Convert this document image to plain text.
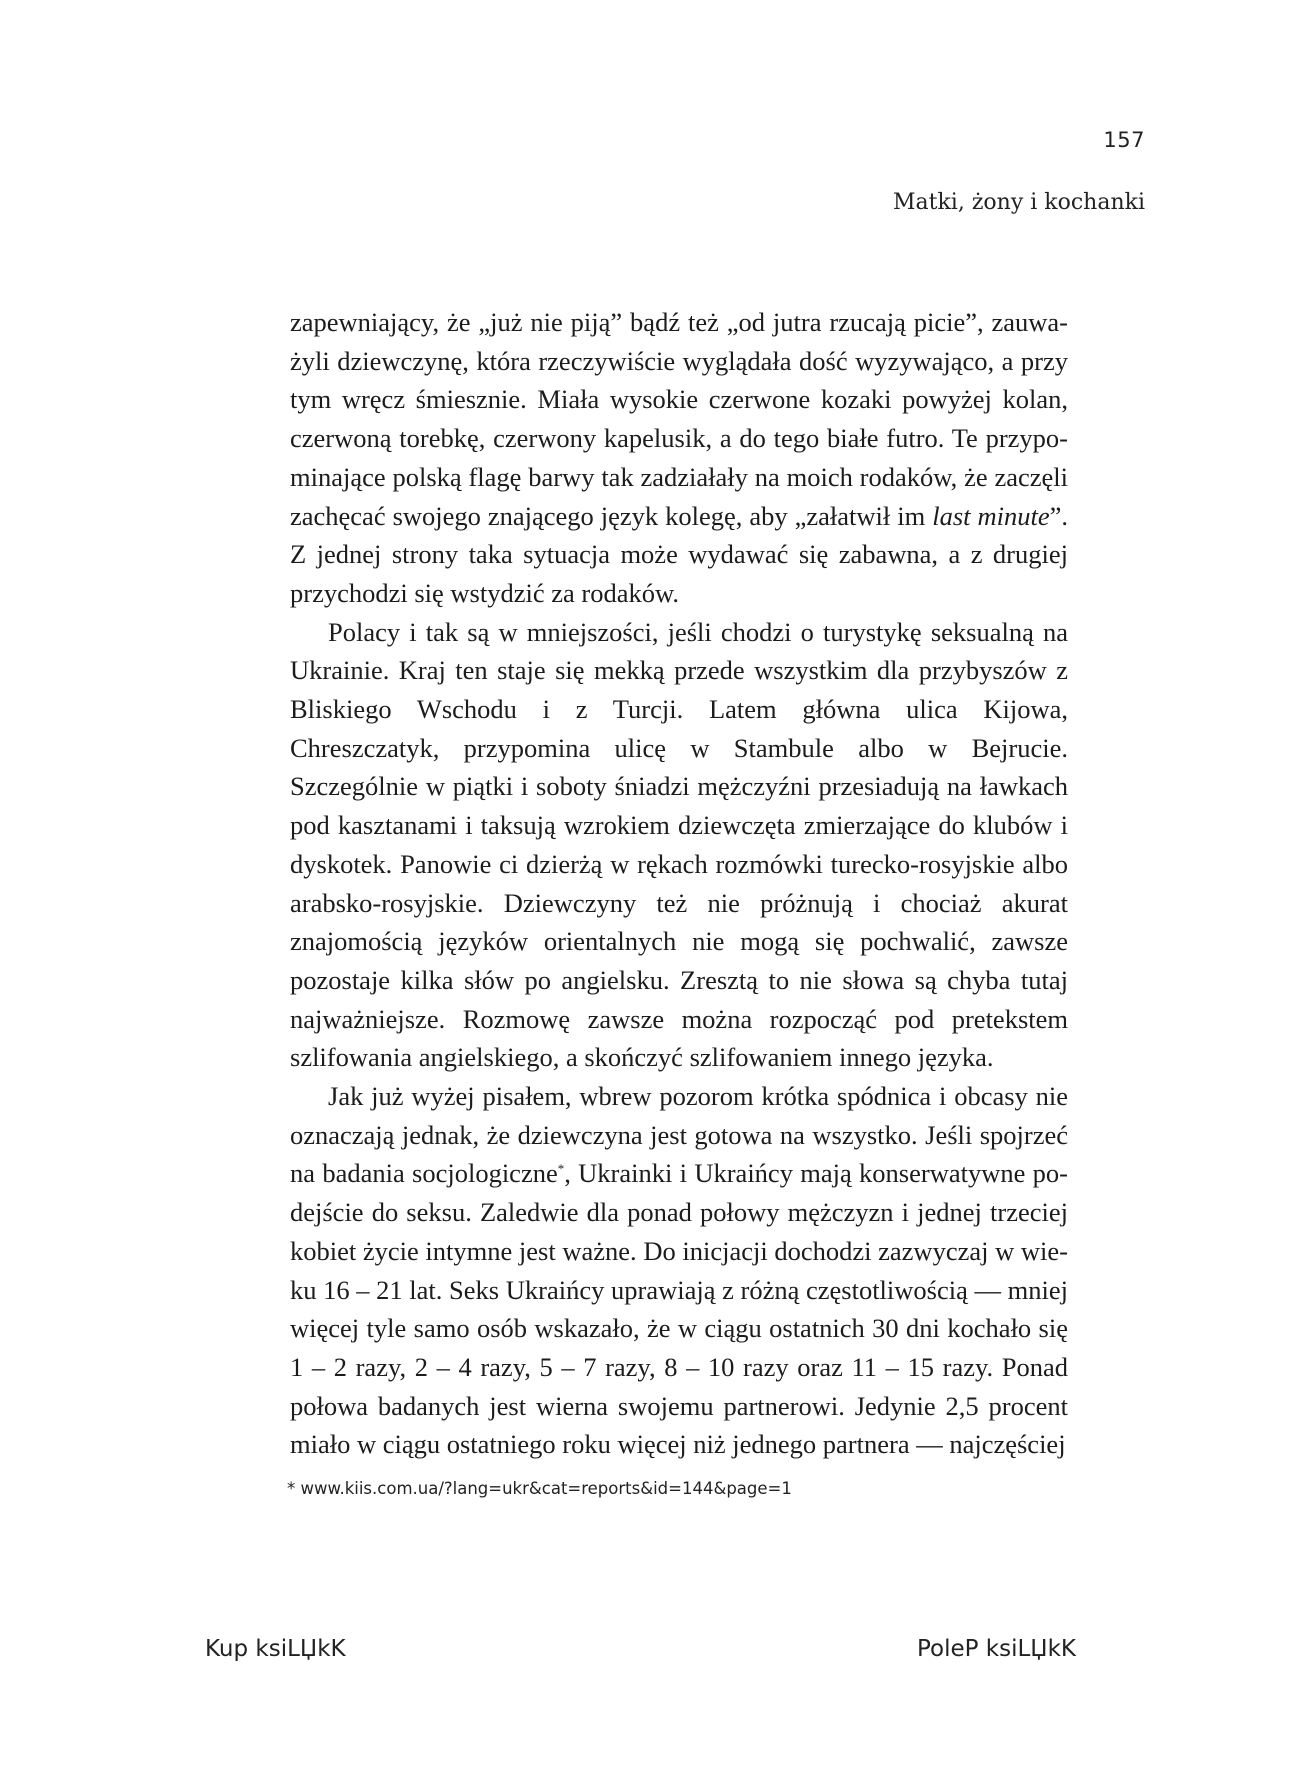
157
Matki, żony i kochanki

zapewniający, że „już nie piją” bądź też „od jutra rzucają picie”, zauważyli dziewczynę, która rzeczywiście wyglądała dość wyzywająco, a przy tym wręcz śmiesznie. Miała wysokie czerwone kozaki powyżej kolan, czerwoną torebkę, czerwony kapelusik, a do tego białe futro. Te przypominające polską flagę barwy tak zadziałały na moich rodaków, że zaczęli zachęcać swojego znającego język kolegę, aby „załatwił im last minute”. Z jednej strony taka sytuacja może wydawać się zabawna, a z drugiej przychodzi się wstydzić za rodaków.

Polacy i tak są w mniejszości, jeśli chodzi o turystykę seksualną na Ukrainie. Kraj ten staje się mekką przede wszystkim dla przybyszów z Bliskiego Wschodu i z Turcji. Latem główna ulica Kijowa, Chreszczatyk, przypomina ulicę w Stambule albo w Bejrucie. Szczególnie w piątki i soboty śniadzi mężczyźni przesiadują na ławkach pod kasztanami i taksują wzrokiem dziewczęta zmierzające do klubów i dyskotek. Panowie ci dzierżą w rękach rozmówki turecko-rosyjskie albo arabsko-rosyjskie. Dziewczyny też nie próżnują i chociaż akurat znajomością języków orientalnych nie mogą się pochwalić, zawsze pozostaje kilka słów po angielsku. Zresztą to nie słowa są chyba tutaj najważniejsze. Rozmowę zawsze można rozpocząć pod pretekstem szlifowania angielskiego, a skończyć szlifowaniem innego języka.

Jak już wyżej pisałem, wbrew pozorom krótka spódnica i obcasy nie oznaczają jednak, że dziewczyna jest gotowa na wszystko. Jeśli spojrzeć na badania socjologiczne*, Ukrainki i Ukraińcy mają konserwatywne podejście do seksu. Zaledwie dla ponad połowy mężczyzn i jednej trzeciej kobiet życie intymne jest ważne. Do inicjacji dochodzi zazwyczaj w wieku 16 – 21 lat. Seks Ukraińcy uprawiają z różną częstotliwością — mniej więcej tyle samo osób wskazało, że w ciągu ostatnich 30 dni kochało się 1 – 2 razy, 2 – 4 razy, 5 – 7 razy, 8 – 10 razy oraz 11 – 15 razy. Ponad połowa badanych jest wierna swojemu partnerowi. Jedynie 2,5 procent miało w ciągu ostatniego roku więcej niż jednego partnera — najczęściej

* www.kiis.com.ua/?lang=ukr&cat=reports&id=144&page=1
Kup ksiLЏkK	PoleP ksiLЏkK
